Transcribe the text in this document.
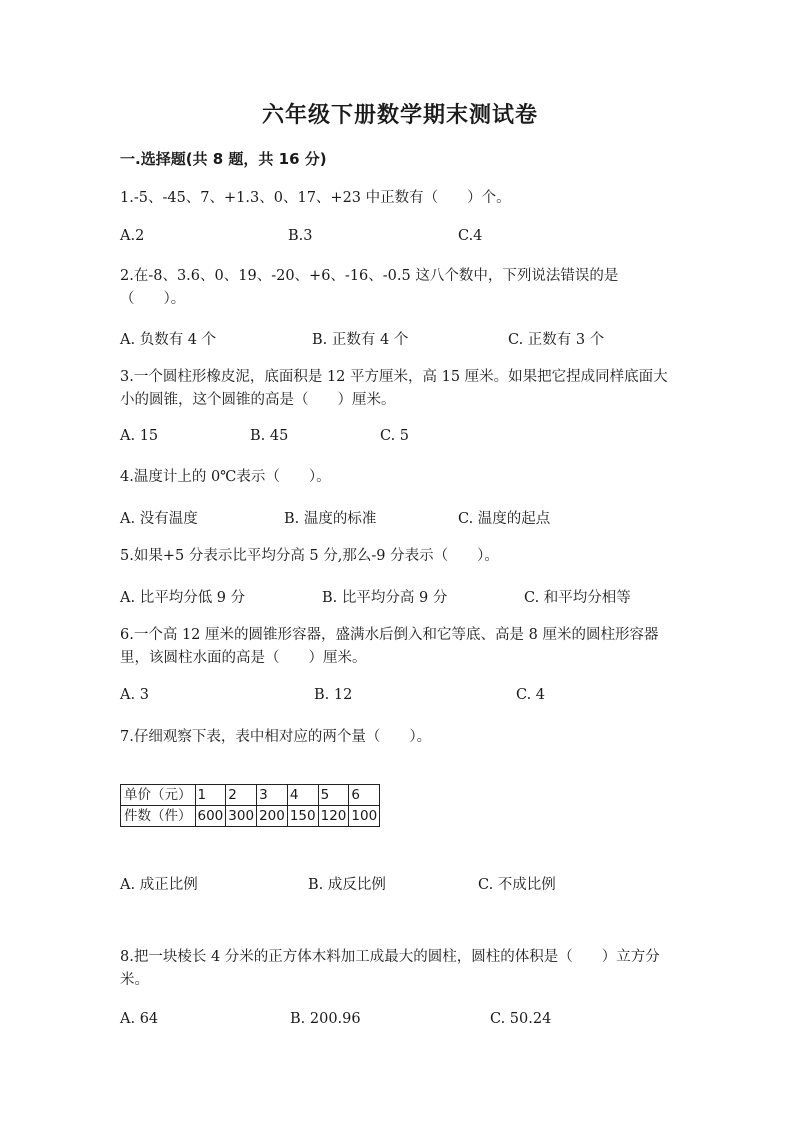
六年级下册数学期末测试卷
一.选择题(共 8 题，共 16 分)
1.-5、-45、7、+1.3、0、17、+23 中正数有（　　）个。
A.2	B.3	C.4
2.在-8、3.6、0、19、-20、+6、-16、-0.5 这八个数中，下列说法错误的是（　　）。
A. 负数有 4 个	B. 正数有 4 个	C. 正数有 3 个
3.一个圆柱形橡皮泥，底面积是 12 平方厘米，高 15 厘米。如果把它捏成同样底面大小的圆锥，这个圆锥的高是（　　）厘米。
A. 15	B. 45	C. 5
4.温度计上的 0℃表示（　　）。
A. 没有温度	B. 温度的标准	C. 温度的起点
5.如果+5 分表示比平均分高 5 分,那么-9 分表示（　　）。
A. 比平均分低 9 分	B. 比平均分高 9 分	C. 和平均分相等
6.一个高 12 厘米的圆锥形容器，盛满水后倒入和它等底、高是 8 厘米的圆柱形容器里，该圆柱水面的高是（　　）厘米。
A. 3	B. 12	C. 4
7.仔细观察下表，表中相对应的两个量（　　）。
单价（元）	1	2	3	4	5	6
件数（件）	600	300	200	150	120	100
A. 成正比例	B. 成反比例	C. 不成比例
8.把一块棱长 4 分米的正方体木料加工成最大的圆柱，圆柱的体积是（　　）立方分米。
A. 64	B. 200.96	C. 50.24
